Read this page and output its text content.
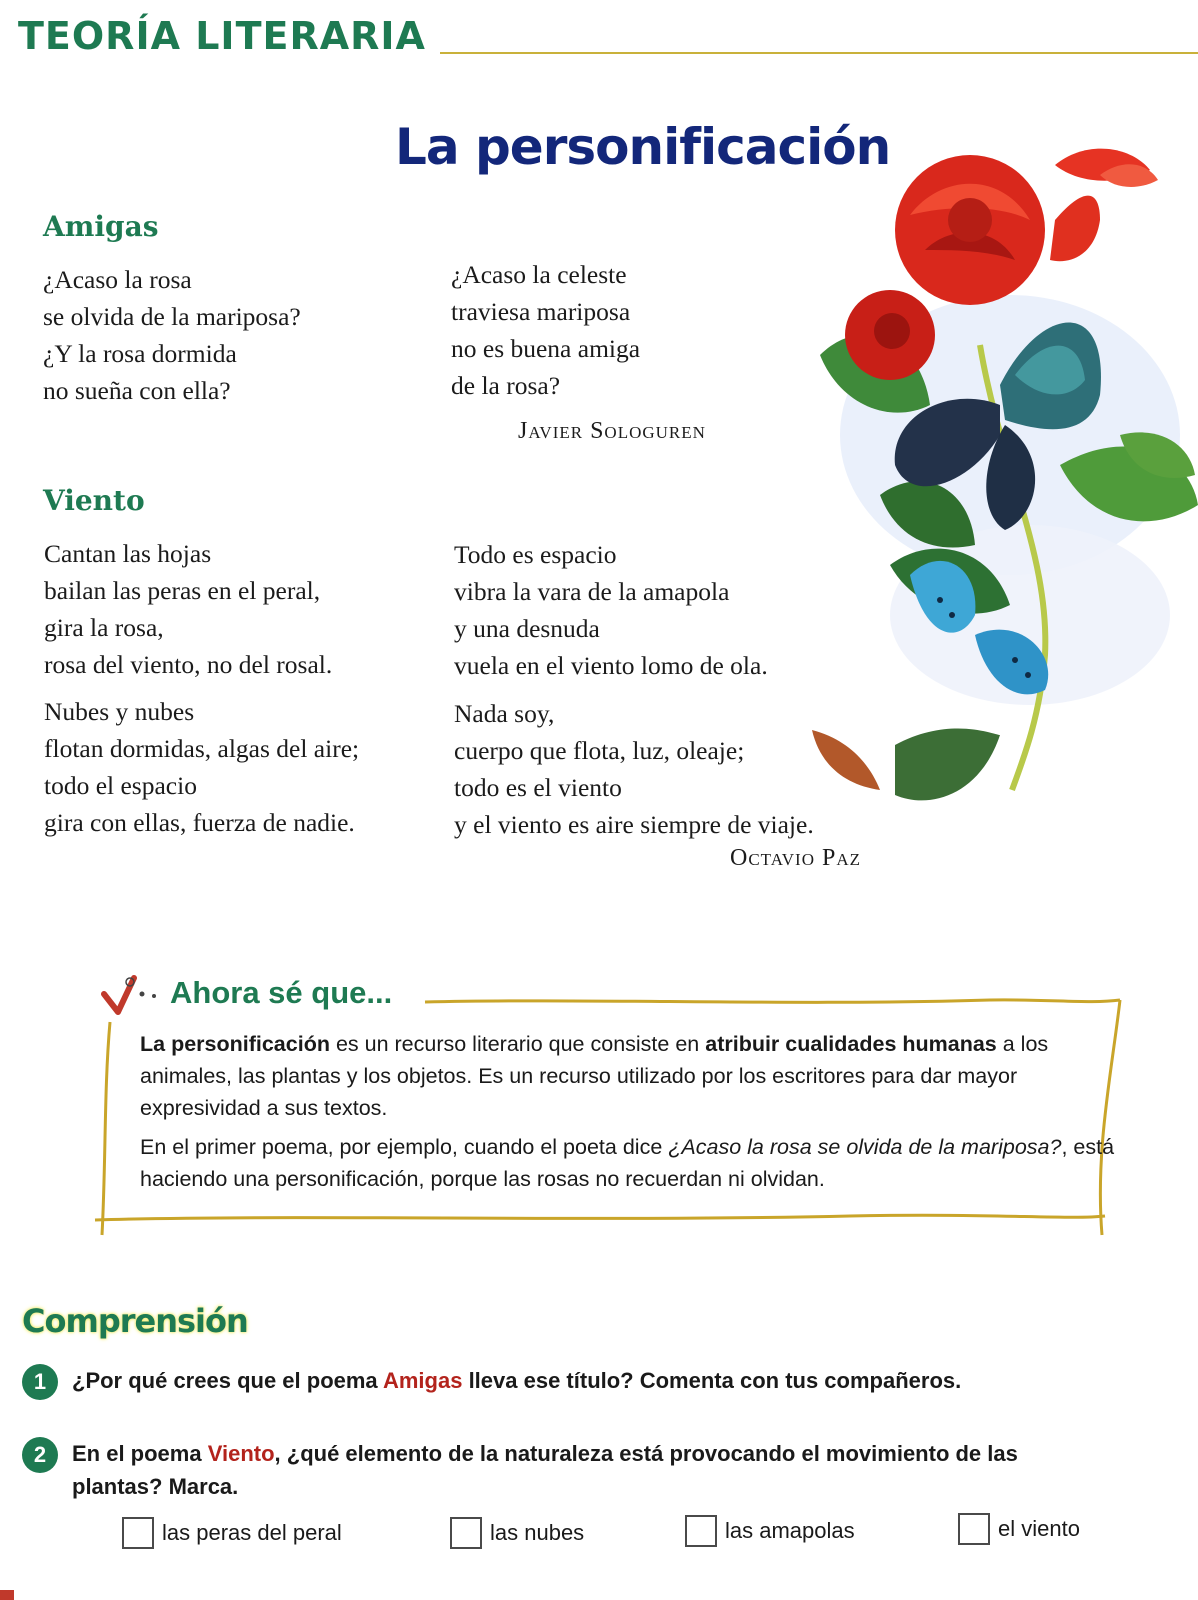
TEORÍA LITERARIA
La personificación
Amigas
¿Acaso la rosa
se olvida de la mariposa?
¿Y la rosa dormida
no sueña con ella?
¿Acaso la celeste
traviesa mariposa
no es buena amiga
de la rosa?
Javier Sologuren
Viento
Cantan las hojas
bailan las peras en el peral,
gira la rosa,
rosa del viento, no del rosal.
Nubes y nubes
flotan dormidas, algas del aire;
todo el espacio
gira con ellas, fuerza de nadie.
Todo es espacio
vibra la vara de la amapola
y una desnuda
vuela en el viento lomo de ola.
Nada soy,
cuerpo que flota, luz, oleaje;
todo es el viento
y el viento es aire siempre de viaje.
Octavio Paz
Ahora sé que...
La personificación es un recurso literario que consiste en atribuir cualidades humanas a los animales, las plantas y los objetos. Es un recurso utilizado por los escritores para dar mayor expresividad a sus textos.
En el primer poema, por ejemplo, cuando el poeta dice ¿Acaso la rosa se olvida de la mariposa?, está haciendo una personificación, porque las rosas no recuerdan ni olvidan.
Comprensión
1	¿Por qué crees que el poema Amigas lleva ese título? Comenta con tus compañeros.
2	En el poema Viento, ¿qué elemento de la naturaleza está provocando el movimiento de las plantas? Marca.
las peras del peral	las nubes	las amapolas	el viento
